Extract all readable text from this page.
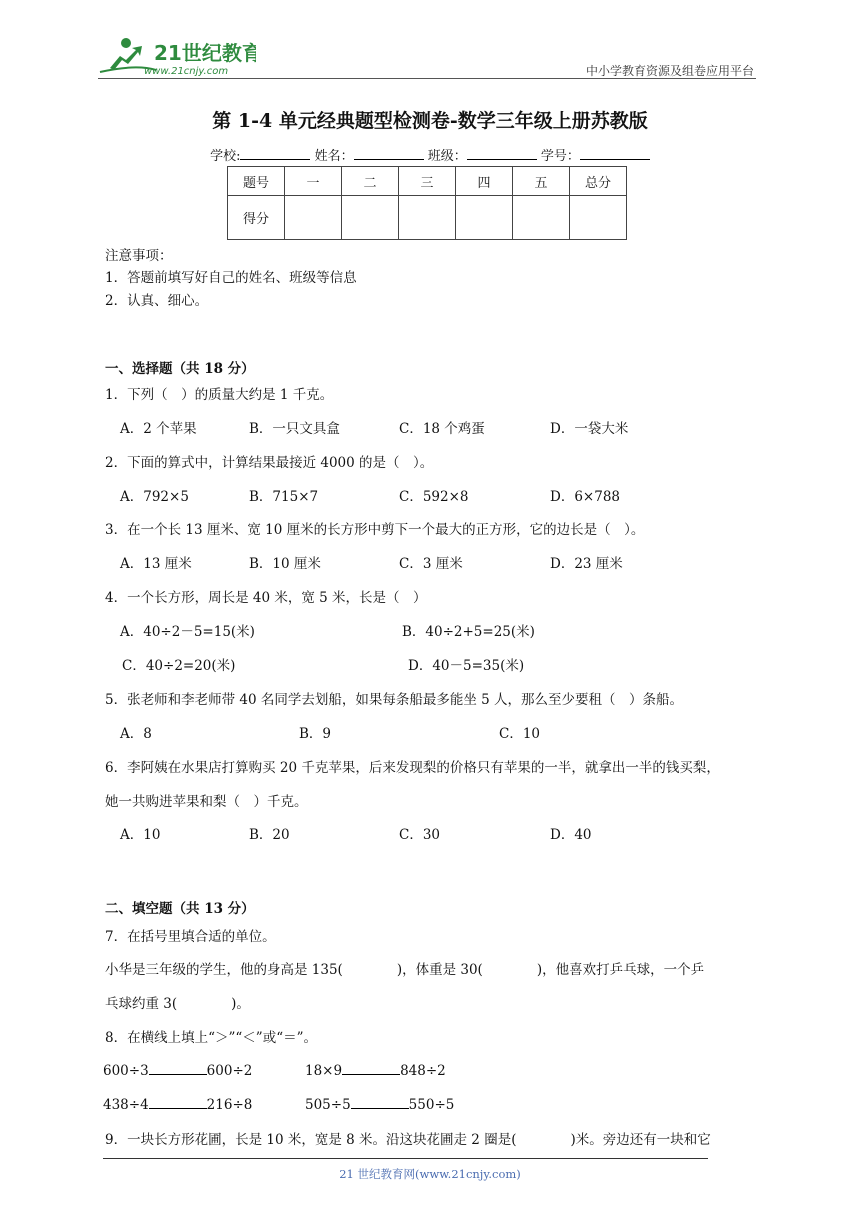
21世纪教育
www.21cnjy.com	中小学教育资源及组卷应用平台
第 1-4 单元经典题型检测卷-数学三年级上册苏教版
学校:	姓名：	班级：	学号：
题号	一	二	三	四	五	总分
得分						
注意事项：
1．答题前填写好自己的姓名、班级等信息
2．认真、细心。
一、选择题（共 18 分）
1．下列（　）的质量大约是 1 千克。
A．2 个苹果	B．一只文具盒	C．18 个鸡蛋	D．一袋大米
2．下面的算式中，计算结果最接近 4000 的是（　）。
A．792×5	B．715×7	C．592×8	D．6×788
3．在一个长 13 厘米、宽 10 厘米的长方形中剪下一个最大的正方形，它的边长是（　）。
A．13 厘米	B．10 厘米	C．3 厘米	D．23 厘米
4．一个长方形，周长是 40 米，宽 5 米，长是（　）
A．40÷2－5=15(米)	B．40÷2+5=25(米)
C．40÷2=20(米)	D．40－5=35(米)
5．张老师和李老师带 40 名同学去划船，如果每条船最多能坐 5 人，那么至少要租（　）条船。
A．8	B．9	C．10
6．李阿姨在水果店打算购买 20 千克苹果，后来发现梨的价格只有苹果的一半，就拿出一半的钱买梨，
她一共购进苹果和梨（　）千克。
A．10	B．20	C．30	D．40
二、填空题（共 13 分）
7．在括号里填合适的单位。
小华是三年级的学生，他的身高是 135(　　　　)，体重是 30(　　　　)，他喜欢打乒乓球，一个乒
乓球约重 3(　　　　)。
8．在横线上填上“＞”“＜”或“＝”。
600÷3	600÷2	18×9	848÷2
438÷4	216÷8	505÷5	550÷5
9．一块长方形花圃，长是 10 米，宽是 8 米。沿这块花圃走 2 圈是(　　　　)米。旁边还有一块和它
21 世纪教育网(www.21cnjy.com)
